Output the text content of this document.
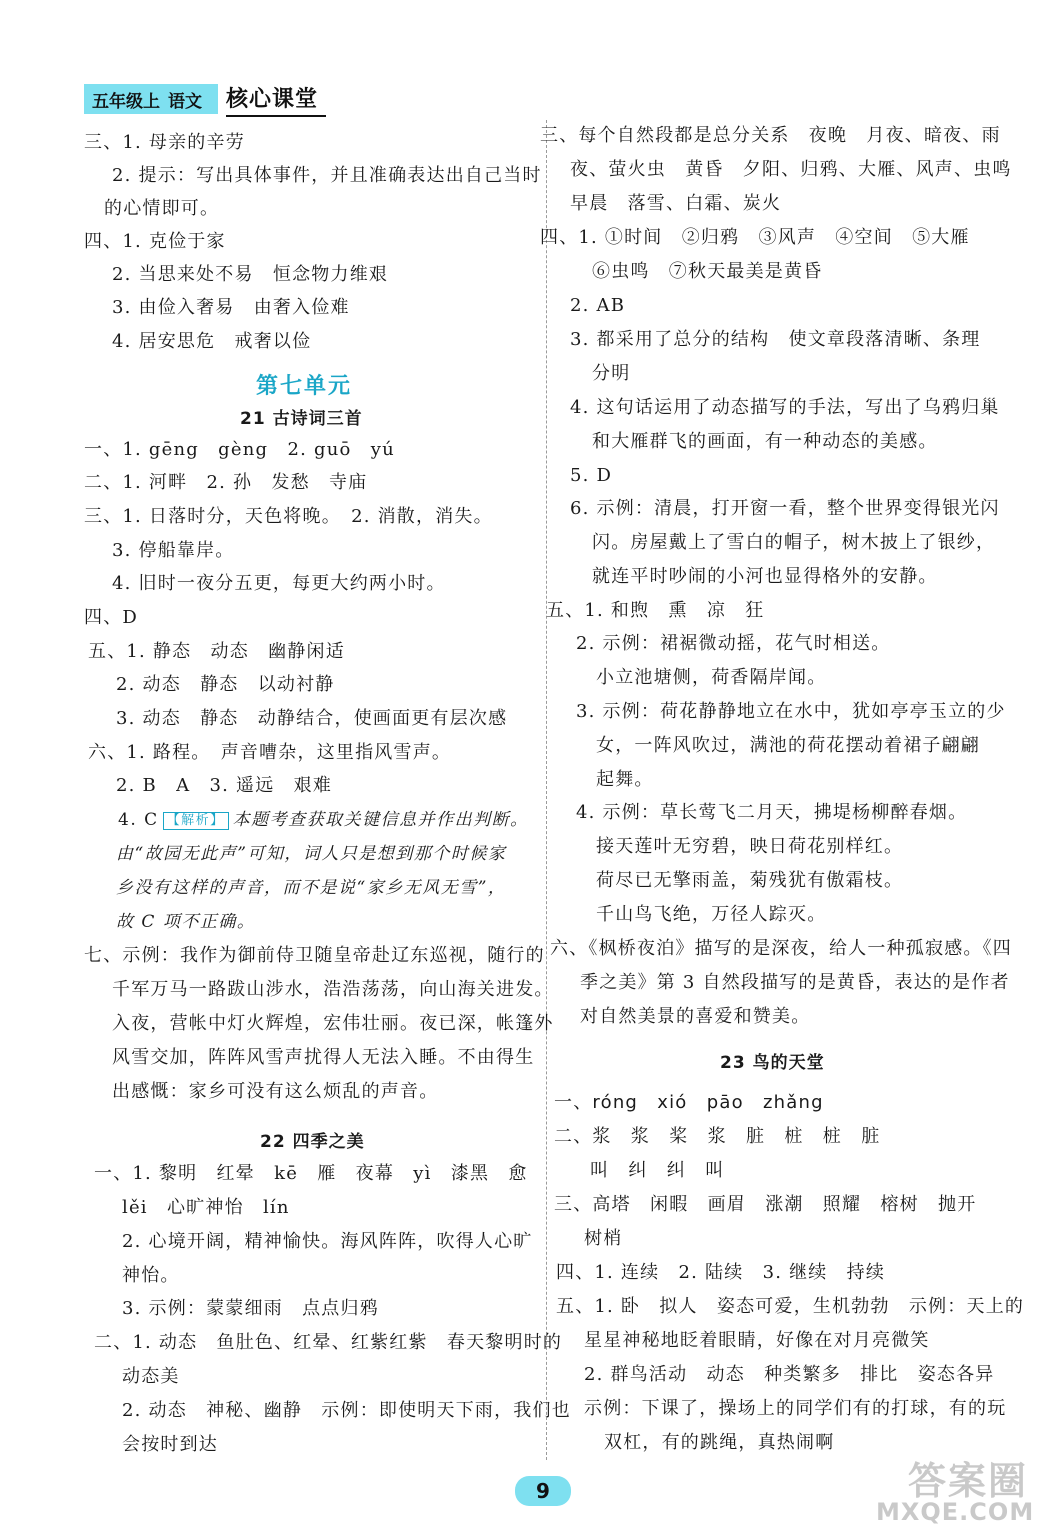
五年级上 语文 核心课堂
三、1. 母亲的辛劳
2. 提示：写出具体事件，并且准确表达出自己当时
的心情即可。
四、1. 克俭于家
2. 当思来处不易　恒念物力维艰
3. 由俭入奢易　由奢入俭难
4. 居安思危　戒奢以俭
一、1. gēng　gèng　2. guō　yú
二、1. 河畔　2. 孙　发愁　寺庙
三、1. 日落时分，天色将晚。　2. 消散，消失。
3. 停船靠岸。
4. 旧时一夜分五更，每更大约两小时。
四、D
五、1. 静态　动态　幽静闲适
2. 动态　静态　以动衬静
3. 动态　静态　动静结合，使画面更有层次感
六、1. 路程。　声音嘈杂，这里指风雪声。
2. B　A　3. 遥远　艰难
4. C 【解析】 本题考查获取关键信息并作出判断。
由“故园无此声”可知，词人只是想到那个时候家
乡没有这样的声音，而不是说“家乡无风无雪”，
故 C 项不正确。
七、示例：我作为御前侍卫随皇帝赴辽东巡视，随行的
千军万马一路跋山涉水，浩浩荡荡，向山海关进发。
入夜，营帐中灯火辉煌，宏伟壮丽。夜已深，帐篷外
风雪交加，阵阵风雪声扰得人无法入睡。不由得生
出感慨：家乡可没有这么烦乱的声音。
一、1. 黎明　红晕　kē　雁　夜幕　yì　漆黑　愈
lěi　心旷神怡　lín
2. 心境开阔，精神愉快。海风阵阵，吹得人心旷
神怡。
3. 示例：蒙蒙细雨　点点归鸦
二、1. 动态　鱼肚色、红晕、红紫红紫　春天黎明时的
动态美
2. 动态　神秘、幽静　示例：即使明天下雨，我们也
会按时到达
第七单元
21 古诗词三首
22 四季之美
23 鸟的天堂
三、每个自然段都是总分关系　夜晚　月夜、暗夜、雨
夜、萤火虫　黄昏　夕阳、归鸦、大雁、风声、虫鸣
早晨　落雪、白霜、炭火
四、1. ①时间　②归鸦　③风声　④空间　⑤大雁
⑥虫鸣　⑦秋天最美是黄昏
2. AB
3. 都采用了总分的结构　使文章段落清晰、条理
分明
4. 这句话运用了动态描写的手法，写出了乌鸦归巢
和大雁群飞的画面，有一种动态的美感。
5. D
6. 示例：清晨，打开窗一看，整个世界变得银光闪
闪。房屋戴上了雪白的帽子，树木披上了银纱，
就连平时吵闹的小河也显得格外的安静。
五、1. 和煦　熏　凉　狂
2. 示例：裙裾微动摇，花气时相送。
小立池塘侧，荷香隔岸闻。
3. 示例：荷花静静地立在水中，犹如亭亭玉立的少
女，一阵风吹过，满池的荷花摆动着裙子翩翩
起舞。
4. 示例：草长莺飞二月天，拂堤杨柳醉春烟。
接天莲叶无穷碧，映日荷花别样红。
荷尽已无擎雨盖，菊残犹有傲霜枝。
千山鸟飞绝，万径人踪灭。
六、《枫桥夜泊》描写的是深夜，给人一种孤寂感。《四
季之美》第 3 自然段描写的是黄昏，表达的是作者
对自然美景的喜爱和赞美。
一、róng　xió　pāo　zhǎng
二、浆　浆　桨　浆　脏　桩　桩　脏
叫　纠　纠　叫
三、高塔　闲暇　画眉　涨潮　照耀　榕树　抛开
树梢
四、1. 连续　2. 陆续　3. 继续　持续
五、1. 卧　拟人　姿态可爱，生机勃勃　示例：天上的
星星神秘地眨着眼睛，好像在对月亮微笑
2. 群鸟活动　动态　种类繁多　排比　姿态各异
示例：下课了，操场上的同学们有的打球，有的玩
双杠，有的跳绳，真热闹啊
9	答案圈
MXQE.COM
